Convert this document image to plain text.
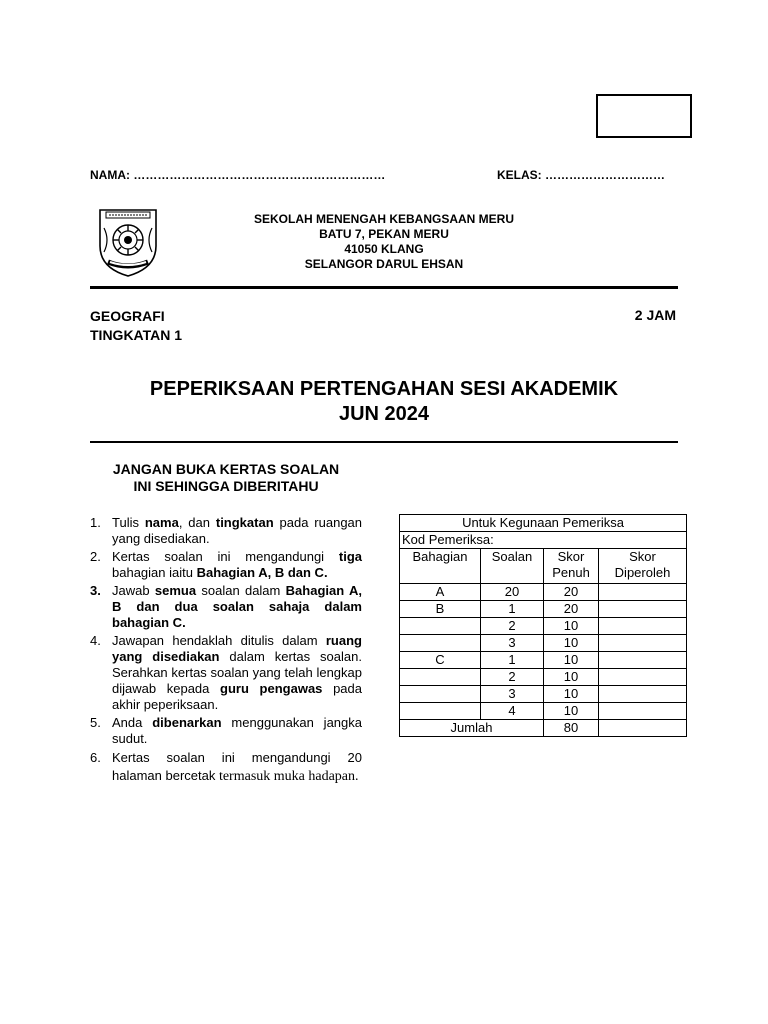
NAMA: ………………………………………………………	KELAS: …………………………
SEKOLAH MENENGAH KEBANGSAAN MERU
BATU 7, PEKAN MERU
41050 KLANG
SELANGOR DARUL EHSAN
GEOGRAFI
TINGKATAN 1
2 JAM
PEPERIKSAAN PERTENGAHAN SESI AKADEMIK
JUN 2024
JANGAN BUKA KERTAS SOALAN
INI SEHINGGA DIBERITAHU
1. Tulis nama, dan tingkatan pada ruangan yang disediakan.
2. Kertas soalan ini mengandungi tiga bahagian iaitu Bahagian A, B dan C.
3. Jawab semua soalan dalam Bahagian A, B dan dua soalan sahaja dalam bahagian C.
4. Jawapan hendaklah ditulis dalam ruang yang disediakan dalam kertas soalan. Serahkan kertas soalan yang telah lengkap dijawab kepada guru pengawas pada akhir peperiksaan.
5. Anda dibenarkan menggunakan jangka sudut.
6. Kertas soalan ini mengandungi 20 halaman bercetak termasuk muka hadapan.
Untuk Kegunaan Pemeriksa			
Kod Pemeriksa:			
Bahagian	Soalan	Skor Penuh	Skor Diperoleh
A	20	20	
B	1	20	
	2	10	
	3	10	
C	1	10	
	2	10	
	3	10	
	4	10	
Jumlah		80	
